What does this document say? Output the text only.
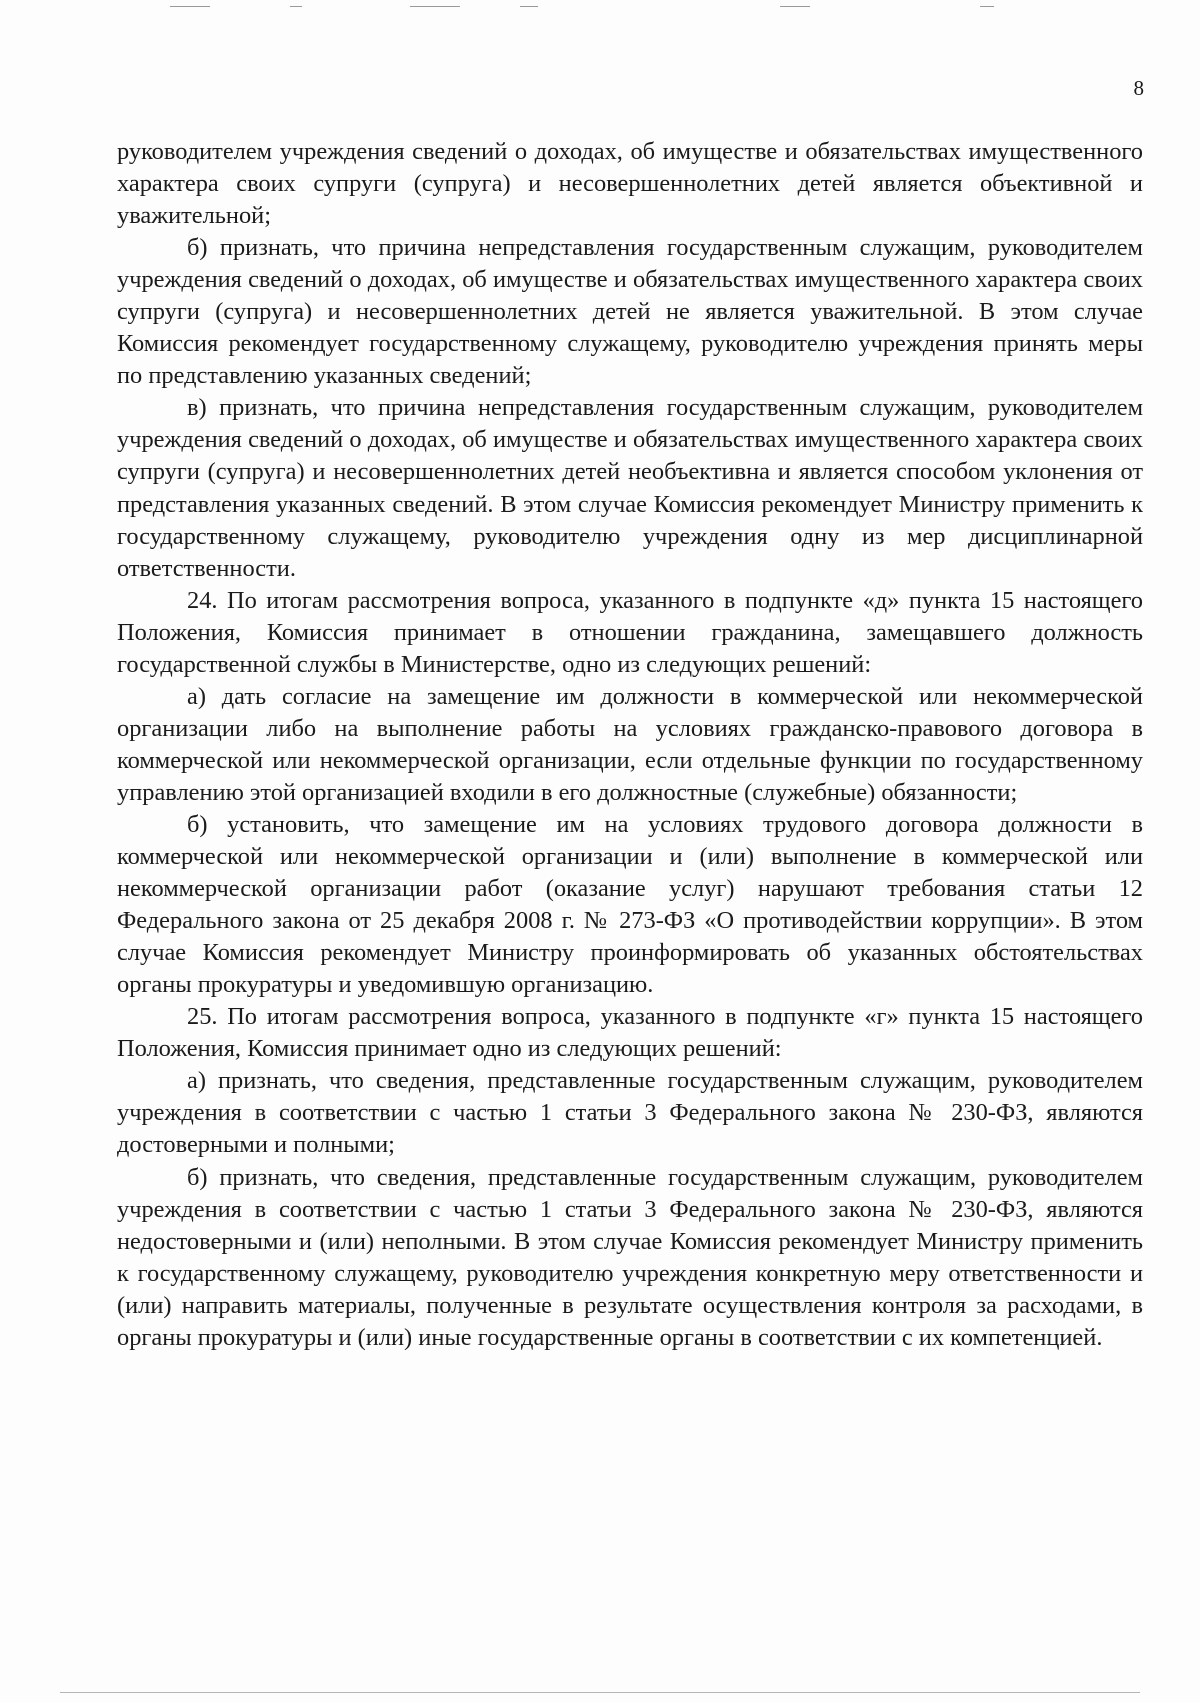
8

руководителем учреждения сведений о доходах, об имуществе и обязательствах имущественного характера своих супруги (супруга) и несовершеннолетних детей является объективной и уважительной;

б) признать, что причина непредставления государственным служащим, руководителем учреждения сведений о доходах, об имуществе и обязательствах имущественного характера своих супруги (супруга) и несовершеннолетних детей не является уважительной. В этом случае Комиссия рекомендует государственному служащему, руководителю учреждения принять меры по представлению указанных сведений;

в) признать, что причина непредставления государственным служащим, руководителем учреждения сведений о доходах, об имуществе и обязательствах имущественного характера своих супруги (супруга) и несовершеннолетних детей необъективна и является способом уклонения от представления указанных сведений. В этом случае Комиссия рекомендует Министру применить к государственному служащему, руководителю учреждения одну из мер дисциплинарной ответственности.

24. По итогам рассмотрения вопроса, указанного в подпункте «д» пункта 15 настоящего Положения, Комиссия принимает в отношении гражданина, замещавшего должность государственной службы в Министерстве, одно из следующих решений:

а) дать согласие на замещение им должности в коммерческой или некоммерческой организации либо на выполнение работы на условиях гражданско-правового договора в коммерческой или некоммерческой организации, если отдельные функции по государственному управлению этой организацией входили в его должностные (служебные) обязанности;

б) установить, что замещение им на условиях трудового договора должности в коммерческой или некоммерческой организации и (или) выполнение в коммерческой или некоммерческой организации работ (оказание услуг) нарушают требования статьи 12 Федерального закона от 25 декабря 2008 г. № 273-ФЗ «О противодействии коррупции». В этом случае Комиссия рекомендует Министру проинформировать об указанных обстоятельствах органы прокуратуры и уведомившую организацию.

25. По итогам рассмотрения вопроса, указанного в подпункте «г» пункта 15 настоящего Положения, Комиссия принимает одно из следующих решений:

а) признать, что сведения, представленные государственным служащим, руководителем учреждения в соответствии с частью 1 статьи 3 Федерального закона № 230-ФЗ, являются достоверными и полными;

б) признать, что сведения, представленные государственным служащим, руководителем учреждения в соответствии с частью 1 статьи 3 Федерального закона № 230-ФЗ, являются недостоверными и (или) неполными. В этом случае Комиссия рекомендует Министру применить к государственному служащему, руководителю учреждения конкретную меру ответственности и (или) направить материалы, полученные в результате осуществления контроля за расходами, в органы прокуратуры и (или) иные государственные органы в соответствии с их компетенцией.
